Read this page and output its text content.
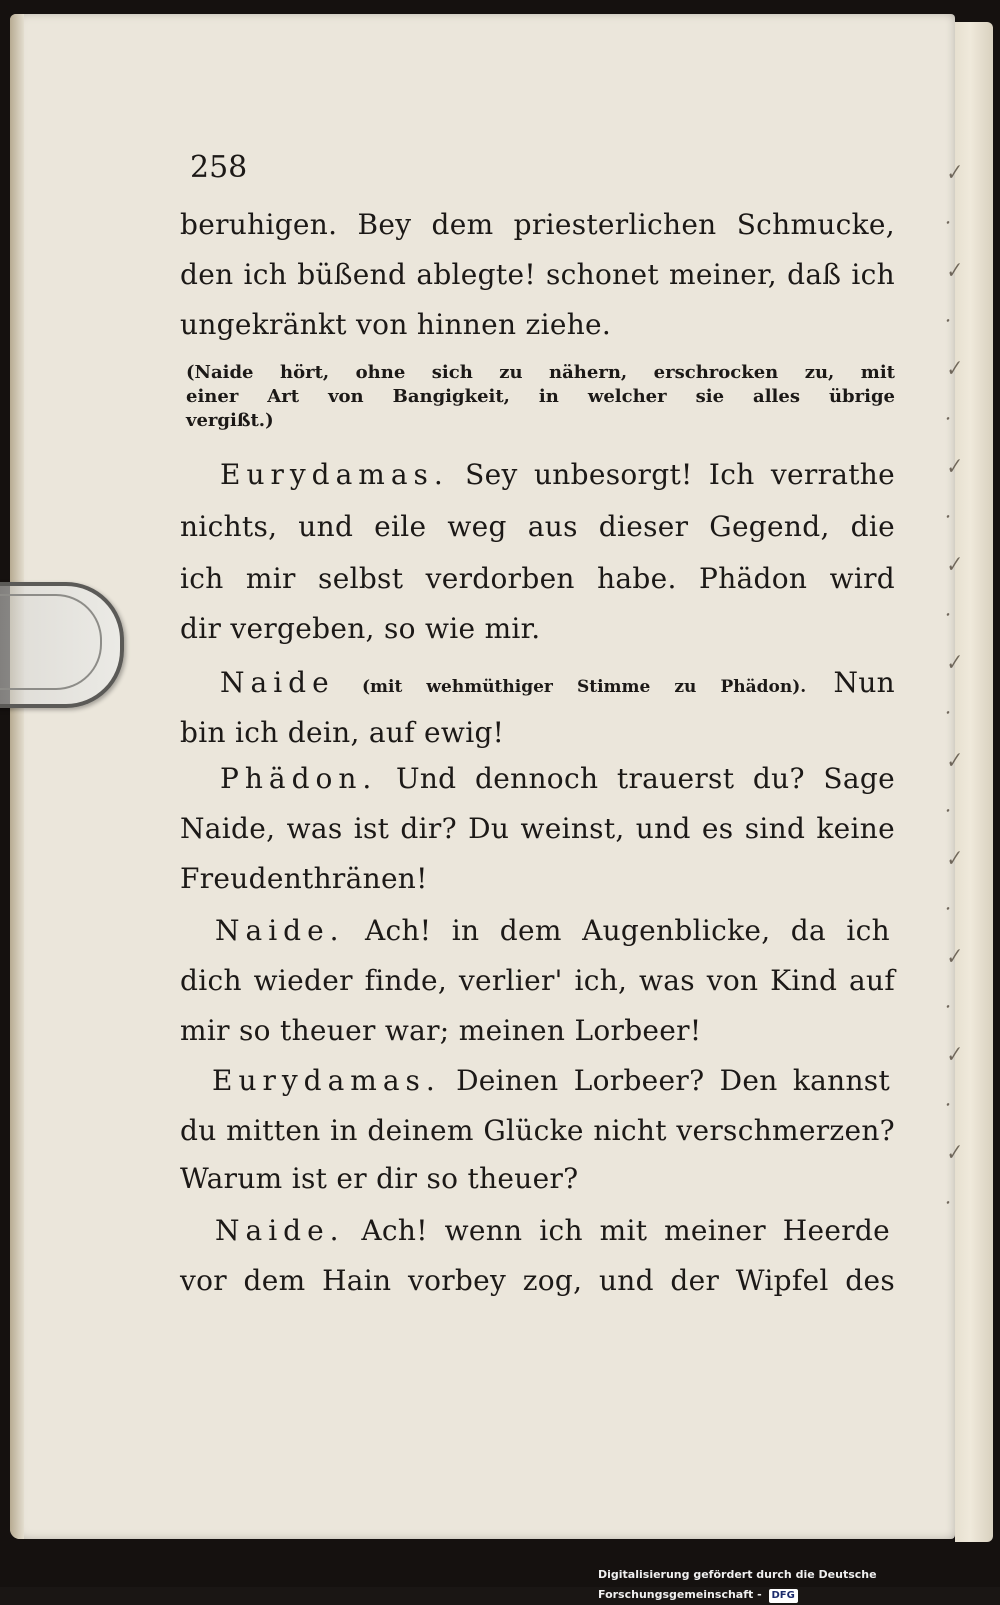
✓
·
✓
·
✓
·
✓
·
✓
·
✓
·
✓
·
✓
·
✓
·
✓
·
✓
·
258
beruhigen. Bey dem priesterlichen Schmucke,
den ich büßend ablegte! schonet meiner, daß ich
ungekränkt von hinnen ziehe.
(Naide hört, ohne sich zu nähern, erschrocken zu, mit
einer Art von Bangigkeit, in welcher sie alles übrige
vergißt.)
Eurydamas. Sey unbesorgt! Ich verrathe
nichts, und eile weg aus dieser Gegend, die
ich mir selbst verdorben habe. Phädon wird
dir vergeben, so wie mir.
Naide (mit wehmüthiger Stimme zu Phädon). Nun
bin ich dein, auf ewig!
Phädon. Und dennoch trauerst du? Sage
Naide, was ist dir? Du weinst, und es sind keine
Freudenthränen!
Naide. Ach! in dem Augenblicke, da ich
dich wieder finde, verlier' ich, was von Kind auf
mir so theuer war; meinen Lorbeer!
Eurydamas. Deinen Lorbeer? Den kannst
du mitten in deinem Glücke nicht verschmerzen?
Warum ist er dir so theuer?
Naide. Ach! wenn ich mit meiner Heerde
vor dem Hain vorbey zog, und der Wipfel des
Digitalisierung gefördert durch die Deutsche Forschungsgemeinschaft - DFG
